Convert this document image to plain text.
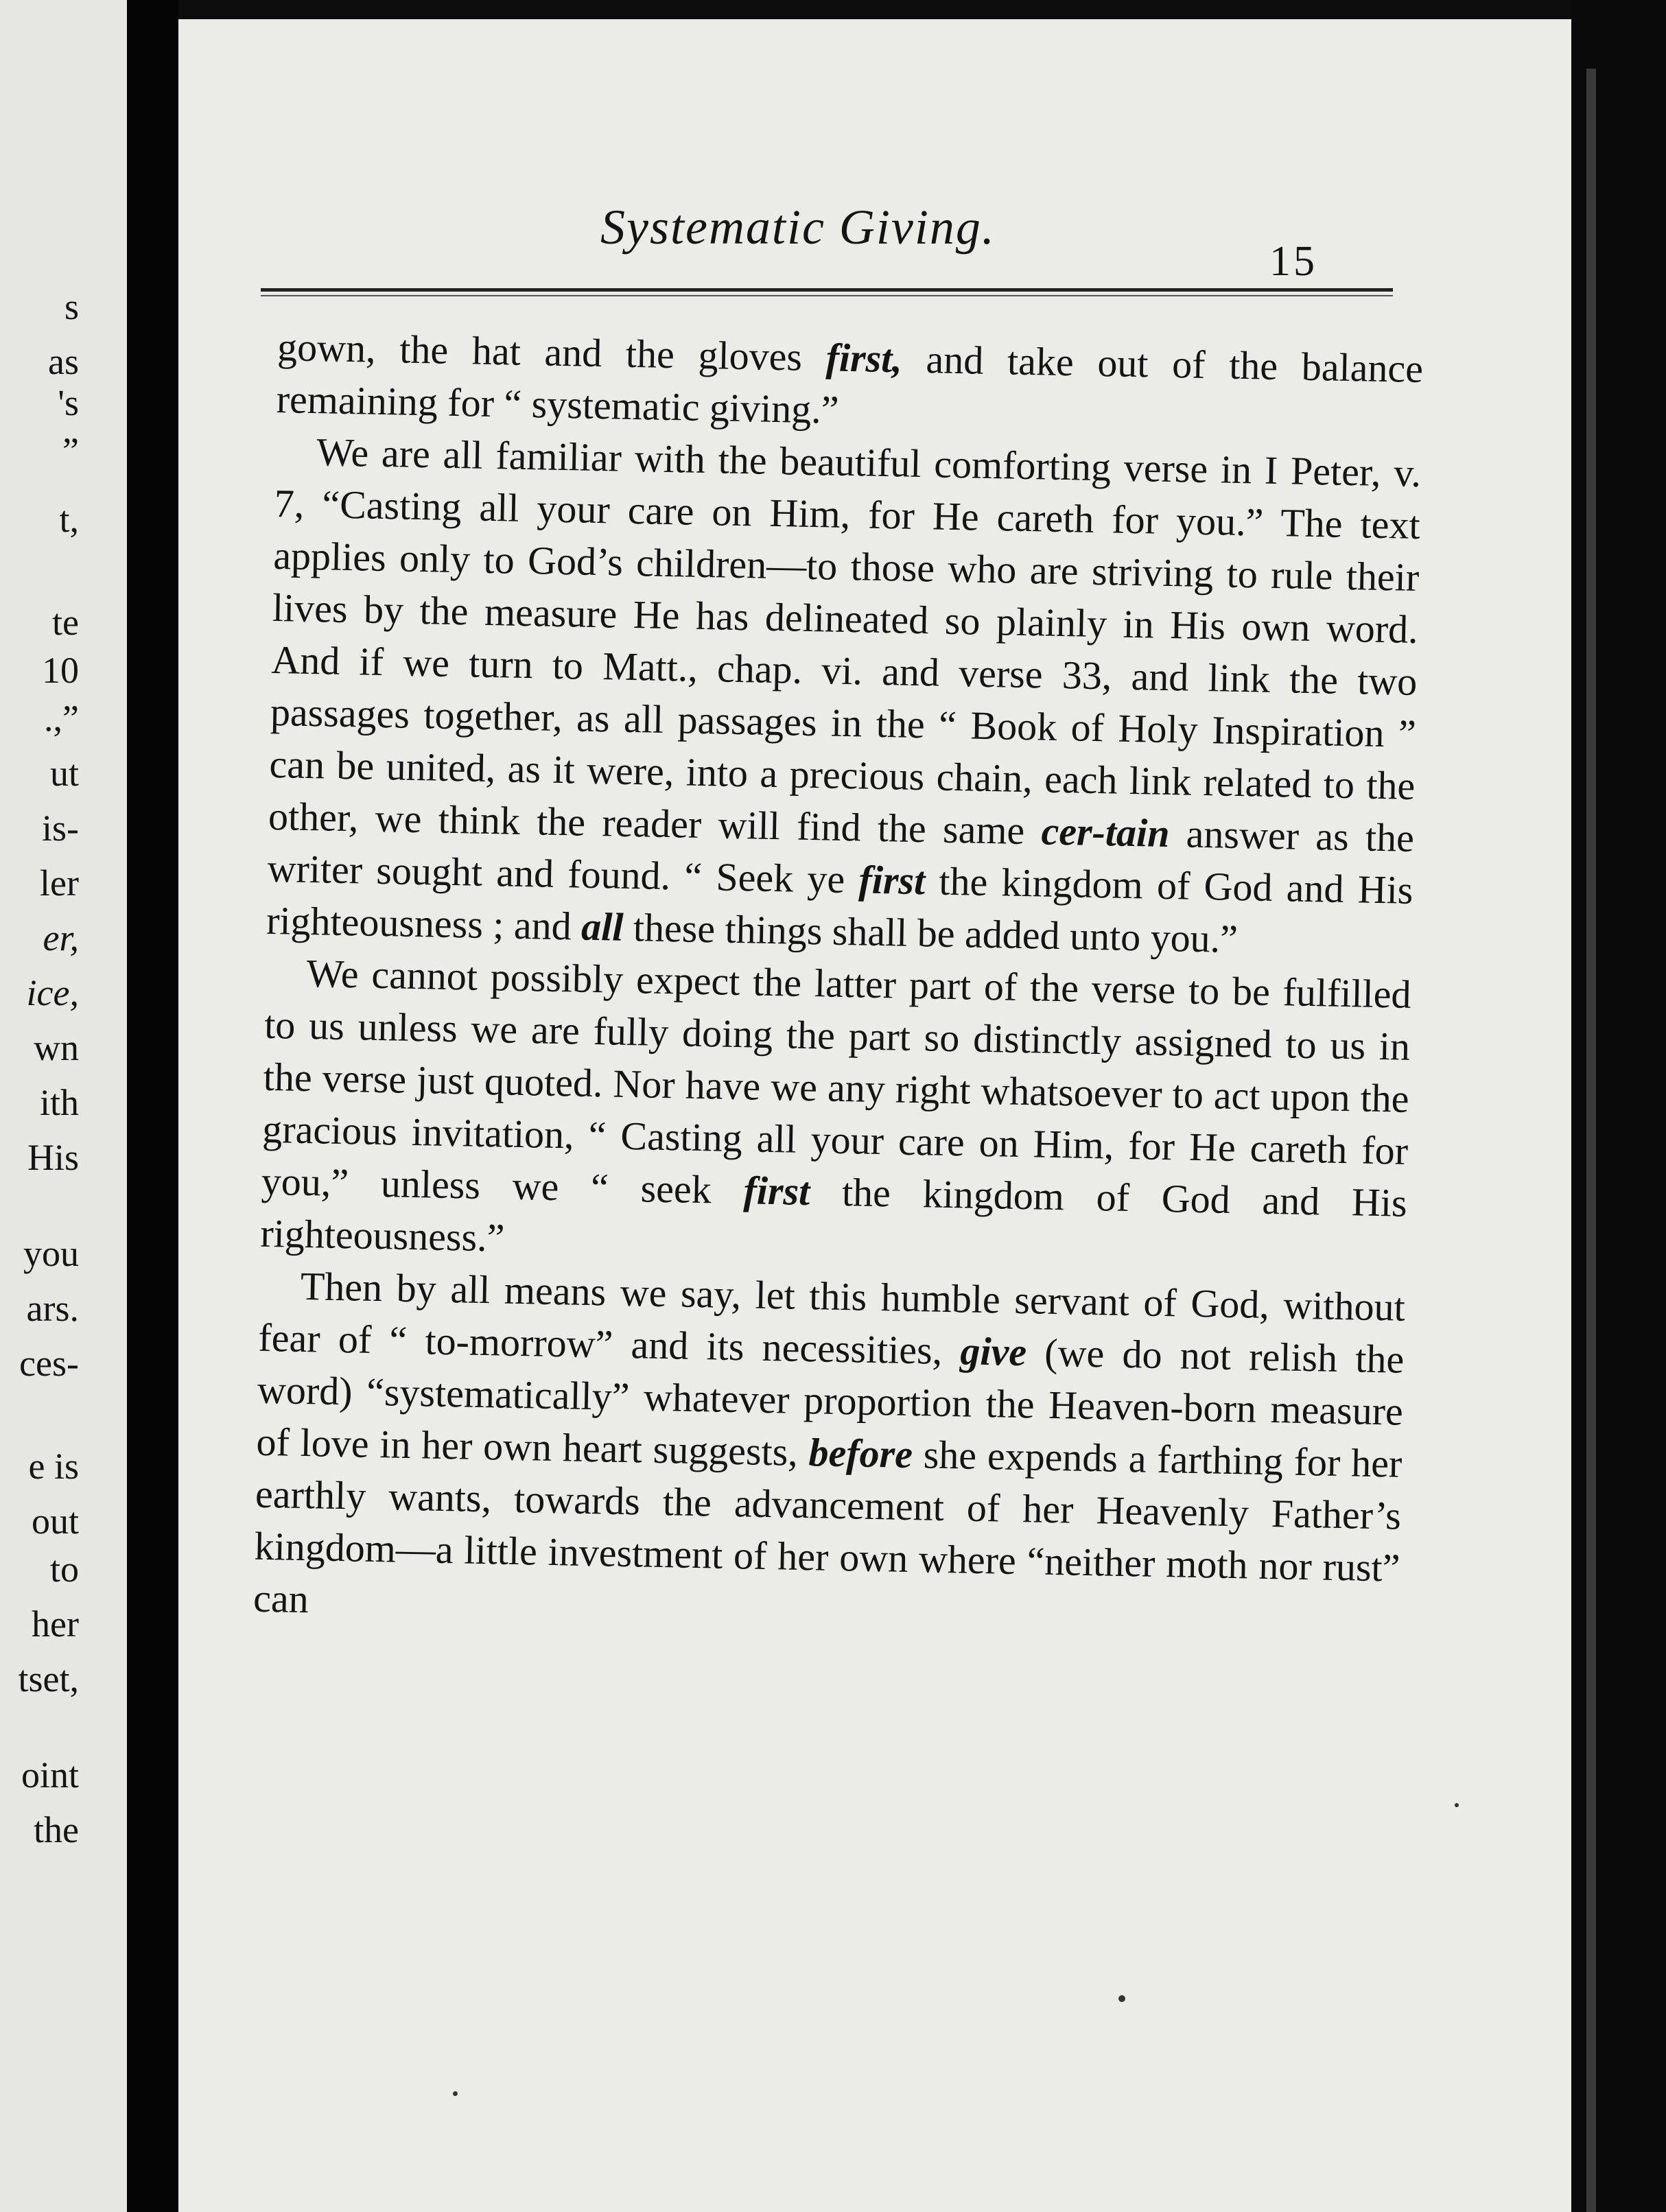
s
as
's
”
t,
te
10
.,”
ut
is-
ler
er,
ice,
wn
ith
His
you
ars.
ces-
e is
out
to
her
tset,
oint
the
Systematic Giving.
15

gown, the hat and the gloves first, and take out of the balance remaining for “ systematic giving.”

We are all familiar with the beautiful comforting verse in I Peter, v. 7, “Casting all your care on Him, for He careth for you.” The text applies only to God’s children—to those who are striving to rule their lives by the measure He has delineated so plainly in His own word. And if we turn to Matt., chap. vi. and verse 33, and link the two passages together, as all passages in the “ Book of Holy Inspiration ” can be united, as it were, into a precious chain, each link related to the other, we think the reader will find the same cer-tain answer as the writer sought and found. “ Seek ye first the kingdom of God and His righteousness ; and all these things shall be added unto you.”

We cannot possibly expect the latter part of the verse to be fulfilled to us unless we are fully doing the part so distinctly assigned to us in the verse just quoted. Nor have we any right whatsoever to act upon the gracious invitation, “ Casting all your care on Him, for He careth for you,” unless we “ seek first the kingdom of God and His righteousness.”

Then by all means we say, let this humble servant of God, without fear of “ to-morrow” and its necessities, give (we do not relish the word) “systematically” whatever proportion the Heaven-born measure of love in her own heart suggests, before she expends a farthing for her earthly wants, towards the advancement of her Heavenly Father’s kingdom—a little investment of her own where “neither moth nor rust” can
